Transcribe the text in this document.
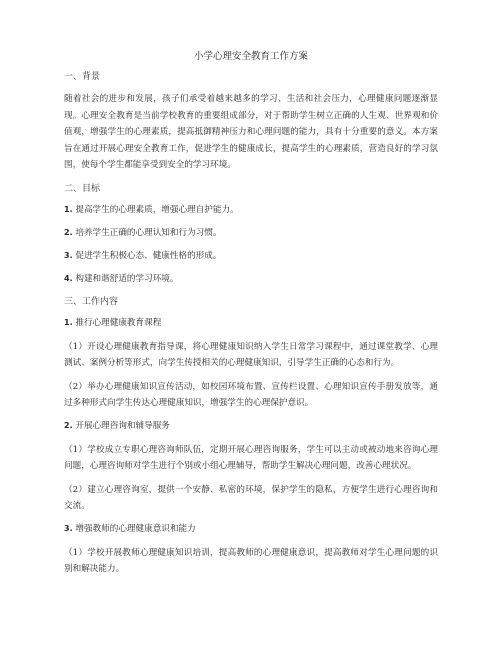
小学心理安全教育工作方案
一、背景
随着社会的进步和发展，孩子们承受着越来越多的学习、生活和社会压力，心理健康问题逐渐显现。心理安全教育是当前学校教育的重要组成部分，对于帮助学生树立正确的人生观、世界观和价值观，增强学生的心理素质，提高抵御精神压力和心理问题的能力，具有十分重要的意义。本方案旨在通过开展心理安全教育工作，促进学生的健康成长，提高学生的心理素质，营造良好的学习氛围，使每个学生都能享受到安全的学习环境。
二、目标
1. 提高学生的心理素质，增强心理自护能力。
2. 培养学生正确的心理认知和行为习惯。
3. 促进学生积极心态、健康性格的形成。
4. 构建和谐舒适的学习环境。
三、工作内容
1. 推行心理健康教育课程
（1）开设心理健康教育指导课，将心理健康知识纳入学生日常学习课程中，通过课堂教学、心理测试、案例分析等形式，向学生传授相关的心理健康知识，引导学生正确的心态和行为。
（2）举办心理健康知识宣传活动，如校园环境布置、宣传栏设置、心理知识宣传手册发放等，通过多种形式向学生传达心理健康知识，增强学生的心理保护意识。
2. 开展心理咨询和辅导服务
（1）学校成立专职心理咨询师队伍，定期开展心理咨询服务，学生可以主动或被动地来咨询心理问题，心理咨询师对学生进行个别或小组心理辅导，帮助学生解决心理问题，改善心理状况。
（2）建立心理咨询室，提供一个安静、私密的环境，保护学生的隐私，方便学生进行心理咨询和交流。
3. 增强教师的心理健康意识和能力
（1）学校开展教师心理健康知识培训，提高教师的心理健康意识，提高教师对学生心理问题的识别和解决能力。
